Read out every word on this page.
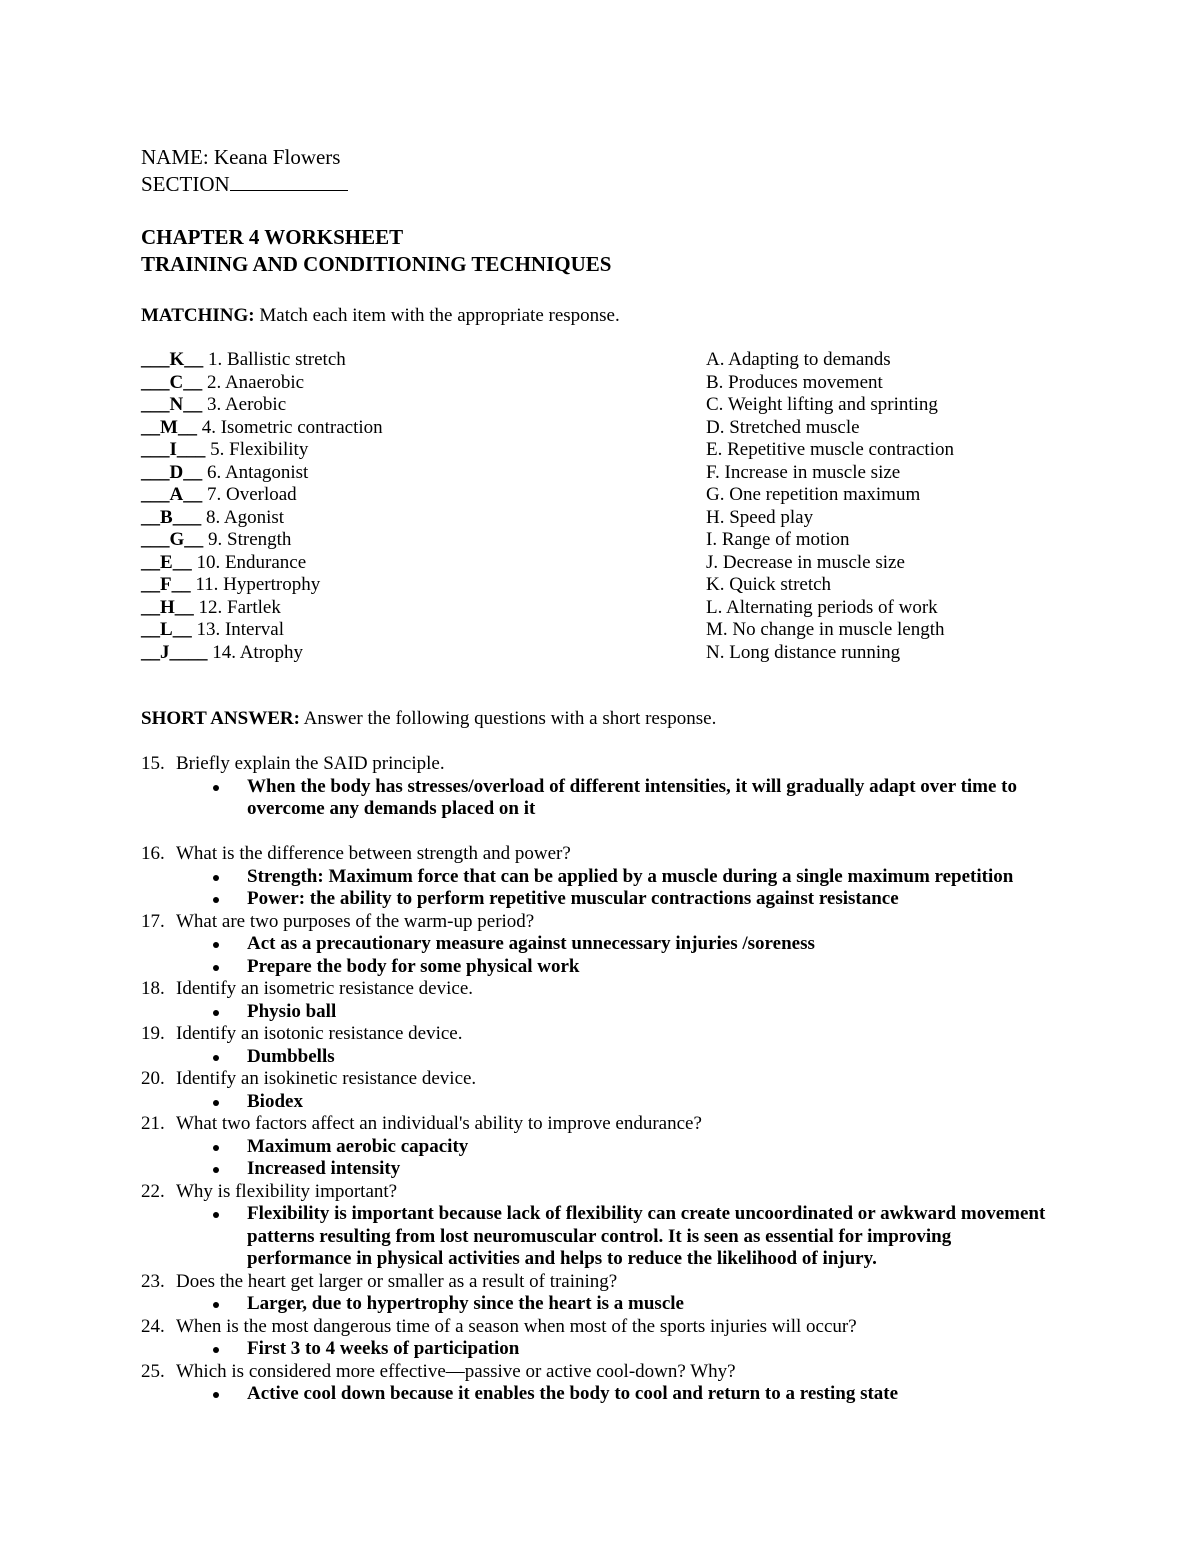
NAME: Keana Flowers
SECTION
CHAPTER 4 WORKSHEET
TRAINING AND CONDITIONING TECHNIQUES
MATCHING: Match each item with the appropriate response.
___K__ 1. Ballistic stretch
___C__ 2. Anaerobic
___N__ 3. Aerobic
__M__ 4. Isometric contraction
___I___ 5. Flexibility
___D__ 6. Antagonist
___A__ 7. Overload
__B___ 8. Agonist
___G__ 9. Strength
__E__ 10. Endurance
__F__ 11. Hypertrophy
__H__ 12. Fartlek
__L__ 13. Interval
__J____ 14. Atrophy
A. Adapting to demands
B. Produces movement
C. Weight lifting and sprinting
D. Stretched muscle
E. Repetitive muscle contraction
F. Increase in muscle size
G. One repetition maximum
H. Speed play
I. Range of motion
J. Decrease in muscle size
K. Quick stretch
L. Alternating periods of work
M. No change in muscle length
N. Long distance running
SHORT ANSWER: Answer the following questions with a short response.
15. Briefly explain the SAID principle.
When the body has stresses/overload of different intensities, it will gradually adapt over time to overcome any demands placed on it
16. What is the difference between strength and power?
Strength: Maximum force that can be applied by a muscle during a single maximum repetition
Power: the ability to perform repetitive muscular contractions against resistance
17. What are two purposes of the warm-up period?
Act as a precautionary measure against unnecessary injuries /soreness
Prepare the body for some physical work
18. Identify an isometric resistance device.
Physio ball
19. Identify an isotonic resistance device.
Dumbbells
20. Identify an isokinetic resistance device.
Biodex
21. What two factors affect an individual's ability to improve endurance?
Maximum aerobic capacity
Increased intensity
22. Why is flexibility important?
Flexibility is important because lack of flexibility can create uncoordinated or awkward movement patterns resulting from lost neuromuscular control. It is seen as essential for improving performance in physical activities and helps to reduce the likelihood of injury.
23. Does the heart get larger or smaller as a result of training?
Larger, due to hypertrophy since the heart is a muscle
24. When is the most dangerous time of a season when most of the sports injuries will occur?
First 3 to 4 weeks of participation
25. Which is considered more effective—passive or active cool-down? Why?
Active cool down because it enables the body to cool and return to a resting state
